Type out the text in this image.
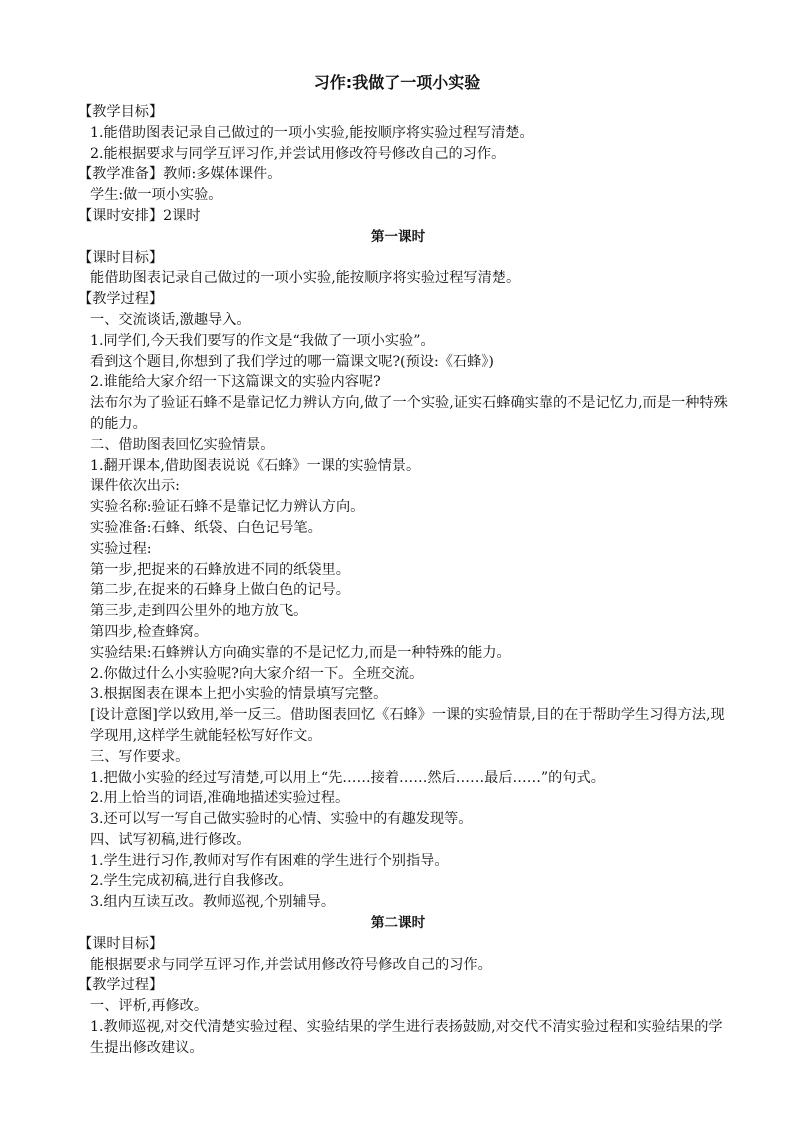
习作:我做了一项小实验
【教学目标】
1.能借助图表记录自己做过的一项小实验,能按顺序将实验过程写清楚。
2.能根据要求与同学互评习作,并尝试用修改符号修改自己的习作。
【教学准备】教师:多媒体课件。
学生:做一项小实验。
【课时安排】2课时
第一课时
【课时目标】
能借助图表记录自己做过的一项小实验,能按顺序将实验过程写清楚。
【教学过程】
一、交流谈话,激趣导入。
1.同学们,今天我们要写的作文是“我做了一项小实验”。
看到这个题目,你想到了我们学过的哪一篇课文呢?(预设:《石蜂》)
2.谁能给大家介绍一下这篇课文的实验内容呢?
法布尔为了验证石蜂不是靠记忆力辨认方向,做了一个实验,证实石蜂确实靠的不是记忆力,而是一种特殊的能力。
二、借助图表回忆实验情景。
1.翻开课本,借助图表说说《石蜂》一课的实验情景。
课件依次出示:
实验名称:验证石蜂不是靠记忆力辨认方向。
实验准备:石蜂、纸袋、白色记号笔。
实验过程:
第一步,把捉来的石蜂放进不同的纸袋里。
第二步,在捉来的石蜂身上做白色的记号。
第三步,走到四公里外的地方放飞。
第四步,检查蜂窝。
实验结果:石蜂辨认方向确实靠的不是记忆力,而是一种特殊的能力。
2.你做过什么小实验呢?向大家介绍一下。全班交流。
3.根据图表在课本上把小实验的情景填写完整。
[设计意图]学以致用,举一反三。借助图表回忆《石蜂》一课的实验情景,目的在于帮助学生习得方法,现学现用,这样学生就能轻松写好作文。
三、写作要求。
1.把做小实验的经过写清楚,可以用上“先……接着……然后……最后……”的句式。
2.用上恰当的词语,准确地描述实验过程。
3.还可以写一写自己做实验时的心情、实验中的有趣发现等。
四、试写初稿,进行修改。
1.学生进行习作,教师对写作有困难的学生进行个别指导。
2.学生完成初稿,进行自我修改。
3.组内互读互改。教师巡视,个别辅导。
第二课时
【课时目标】
能根据要求与同学互评习作,并尝试用修改符号修改自己的习作。
【教学过程】
一、评析,再修改。
1.教师巡视,对交代清楚实验过程、实验结果的学生进行表扬鼓励,对交代不清实验过程和实验结果的学生提出修改建议。
